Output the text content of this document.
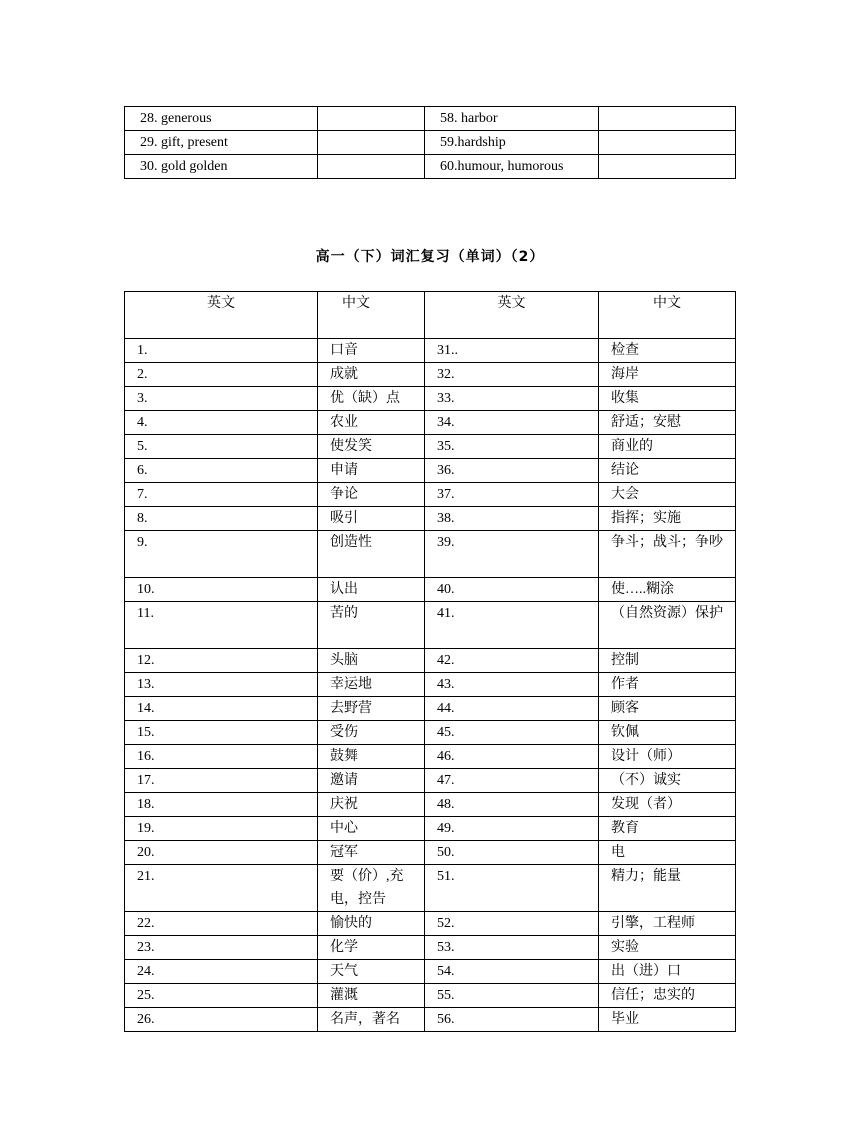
28. generous		58. harbor	
29. gift, present		59.hardship	
30. gold golden		60.humour, humorous	
高一（下）词汇复习（单词）（2）
英文	中文	英文	中文
1.	口音	31..	检查
2.	成就	32.	海岸
3.	优（缺）点	33.	收集
4.	农业	34.	舒适；安慰
5.	使发笑	35.	商业的
6.	申请	36.	结论
7.	争论	37.	大会
8.	吸引	38.	指挥；实施
9.	创造性	39.	争斗；战斗；争吵
10.	认出	40.	使…..糊涂
11.	苦的	41.	（自然资源）保护
12.	头脑	42.	控制
13.	幸运地	43.	作者
14.	去野营	44.	顾客
15.	受伤	45.	钦佩
16.	鼓舞	46.	设计（师）
17.	邀请	47.	（不）诚实
18.	庆祝	48.	发现（者）
19.	中心	49.	教育
20.	冠军	50.	电
21.	要（价）,充电，控告	51.	精力；能量
22.	愉快的	52.	引擎，工程师
23.	化学	53.	实验
24.	天气	54.	出（进）口
25.	灌溉	55.	信任；忠实的
26.	名声，著名	56.	毕业
